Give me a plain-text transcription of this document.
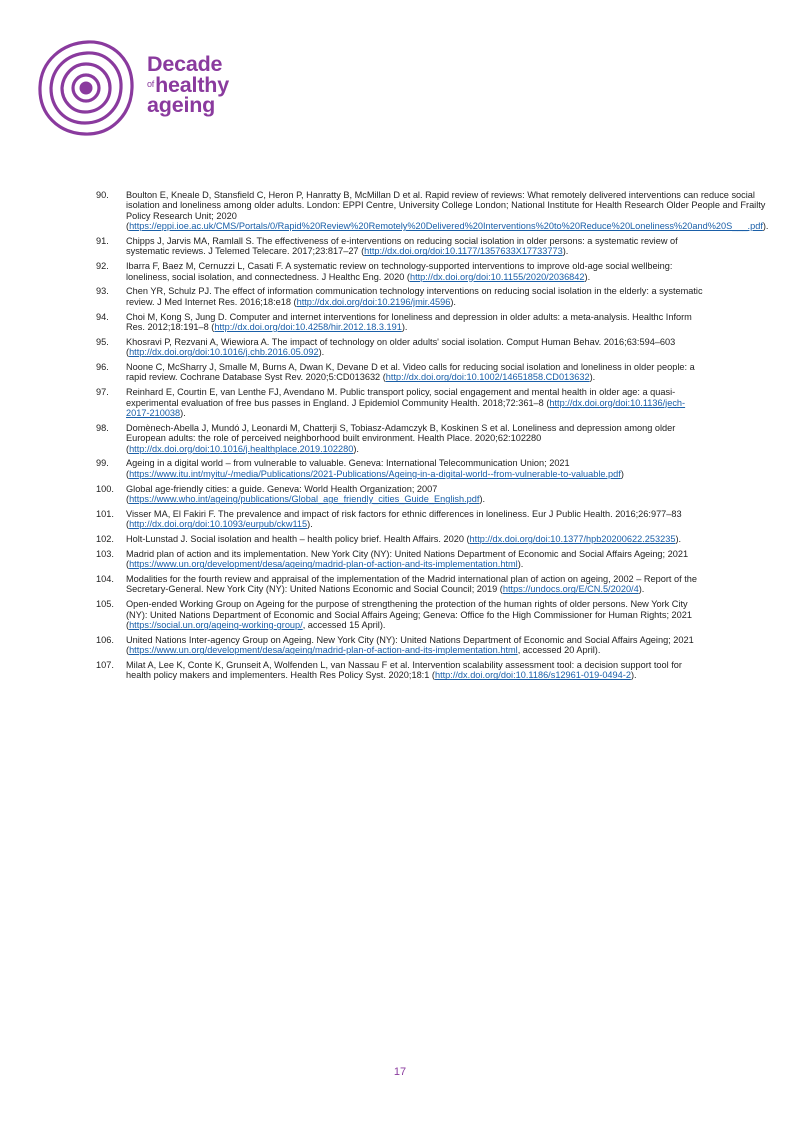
Decade
$^{of}$healthy
ageing
90.	Boulton E, Kneale D, Stansfield C, Heron P, Hanratty B, McMillan D et al. Rapid review of reviews: What remotely delivered interventions can reduce social isolation and loneliness among older adults. London: EPPI Centre, University College London; National Institute for Health Research Older People and Frailty Policy Research Unit; 2020 (https://eppi.ioe.ac.uk/CMS/Portals/0/Rapid%20Review%20Remotely%20Delivered%20Interventions%20to%20Reduce%20Loneliness%20and%20S___.pdf).
91.	Chipps J, Jarvis MA, Ramlall S. The effectiveness of e-interventions on reducing social isolation in older persons: a systematic review of systematic reviews. J Telemed Telecare. 2017;23:817–27 (http://dx.doi.org/doi:10.1177/1357633X17733773).
92.	Ibarra F, Baez M, Cernuzzi L, Casati F. A systematic review on technology-supported interventions to improve old-age social wellbeing: loneliness, social isolation, and connectedness. J Healthc Eng. 2020 (http://dx.doi.org/doi:10.1155/2020/2036842).
93.	Chen YR, Schulz PJ. The effect of information communication technology interventions on reducing social isolation in the elderly: a systematic review. J Med Internet Res. 2016;18:e18 (http://dx.doi.org/doi:10.2196/jmir.4596).
94.	Choi M, Kong S, Jung D. Computer and internet interventions for loneliness and depression in older adults: a meta-analysis. Healthc Inform Res. 2012;18:191–8 (http://dx.doi.org/doi:10.4258/hir.2012.18.3.191).
95.	Khosravi P, Rezvani A, Wiewiora A. The impact of technology on older adults' social isolation. Comput Human Behav. 2016;63:594–603 (http://dx.doi.org/doi:10.1016/j.chb.2016.05.092).
96.	Noone C, McSharry J, Smalle M, Burns A, Dwan K, Devane D et al. Video calls for reducing social isolation and loneliness in older people: a rapid review. Cochrane Database Syst Rev. 2020;5:CD013632 (http://dx.doi.org/doi:10.1002/14651858.CD013632).
97.	Reinhard E, Courtin E, van Lenthe FJ, Avendano M. Public transport policy, social engagement and mental health in older age: a quasi-experimental evaluation of free bus passes in England. J Epidemiol Community Health. 2018;72:361–8 (http://dx.doi.org/doi:10.1136/jech-2017-210038).
98.	Domènech-Abella J, Mundó J, Leonardi M, Chatterji S, Tobiasz-Adamczyk B, Koskinen S et al. Loneliness and depression among older European adults: the role of perceived neighborhood built environment. Health Place. 2020;62:102280 (http://dx.doi.org/doi:10.1016/j.healthplace.2019.102280).
99.	Ageing in a digital world – from vulnerable to valuable. Geneva: International Telecommunication Union; 2021 (https://www.itu.int/myitu/-/media/Publications/2021-Publications/Ageing-in-a-digital-world--from-vulnerable-to-valuable.pdf)
100.	Global age-friendly cities: a guide. Geneva: World Health Organization; 2007 (https://www.who.int/ageing/publications/Global_age_friendly_cities_Guide_English.pdf).
101.	Visser MA, El Fakiri F. The prevalence and impact of risk factors for ethnic differences in loneliness. Eur J Public Health. 2016;26:977–83 (http://dx.doi.org/doi:10.1093/eurpub/ckw115).
102.	Holt-Lunstad J. Social isolation and health – health policy brief. Health Affairs. 2020 (http://dx.doi.org/doi:10.1377/hpb20200622.253235).
103.	Madrid plan of action and its implementation. New York City (NY): United Nations Department of Economic and Social Affairs Ageing; 2021 (https://www.un.org/development/desa/ageing/madrid-plan-of-action-and-its-implementation.html).
104.	Modalities for the fourth review and appraisal of the implementation of the Madrid international plan of action on ageing, 2002 – Report of the Secretary-General. New York City (NY): United Nations Economic and Social Council; 2019 (https://undocs.org/E/CN.5/2020/4).
105.	Open-ended Working Group on Ageing for the purpose of strengthening the protection of the human rights of older persons. New York City (NY): United Nations Department of Economic and Social Affairs Ageing; Geneva: Office fo the High Commissioner for Human Rights; 2021 (https://social.un.org/ageing-working-group/, accessed 15 April).
106.	United Nations Inter-agency Group on Ageing. New York City (NY): United Nations Department of Economic and Social Affairs Ageing; 2021 (https://www.un.org/development/desa/ageing/madrid-plan-of-action-and-its-implementation.html, accessed 20 April).
107.	Milat A, Lee K, Conte K, Grunseit A, Wolfenden L, van Nassau F et al. Intervention scalability assessment tool: a decision support tool for health policy makers and implementers. Health Res Policy Syst. 2020;18:1 (http://dx.doi.org/doi:10.1186/s12961-019-0494-2).
17
